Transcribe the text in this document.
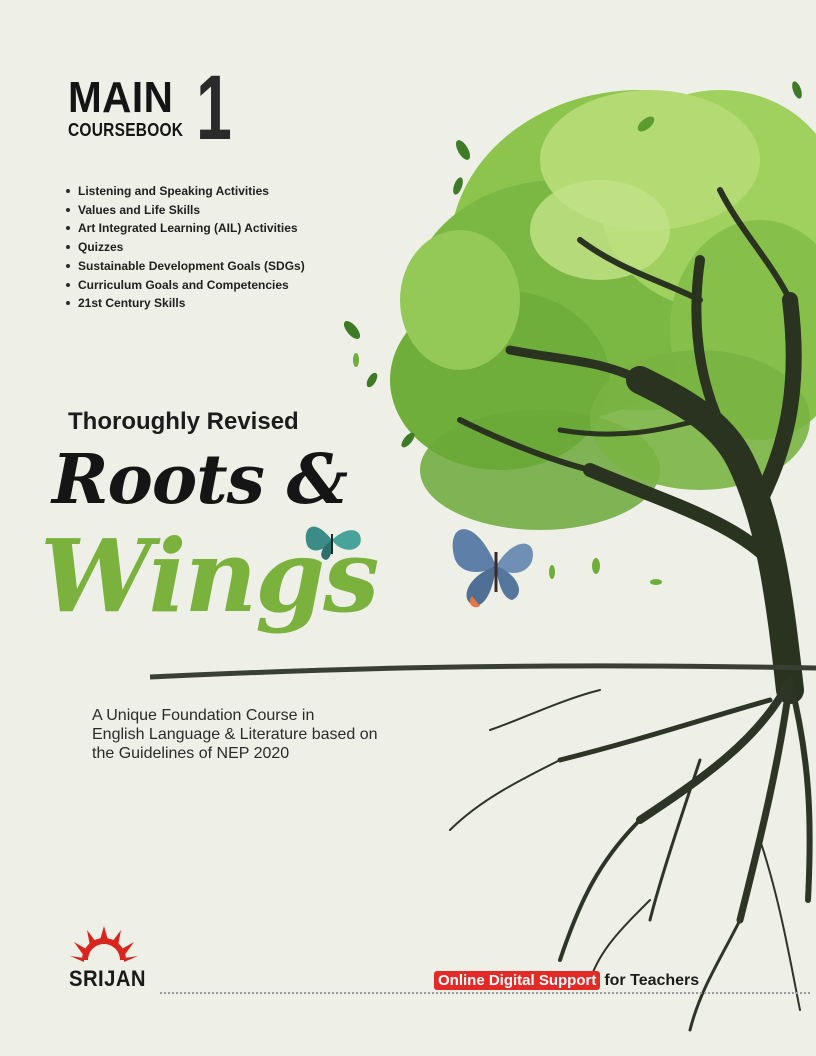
MAIN
COURSEBOOK 1
Listening and Speaking Activities
Values and Life Skills
Art Integrated Learning (AIL) Activities
Quizzes
Sustainable Development Goals (SDGs)
Curriculum Goals and Competencies
21st Century Skills
Thoroughly Revised
Roots &
Wings
A Unique Foundation Course in
English Language & Literature based on
the Guidelines of NEP 2020
SRIJAN	Online Digital Support for Teachers
